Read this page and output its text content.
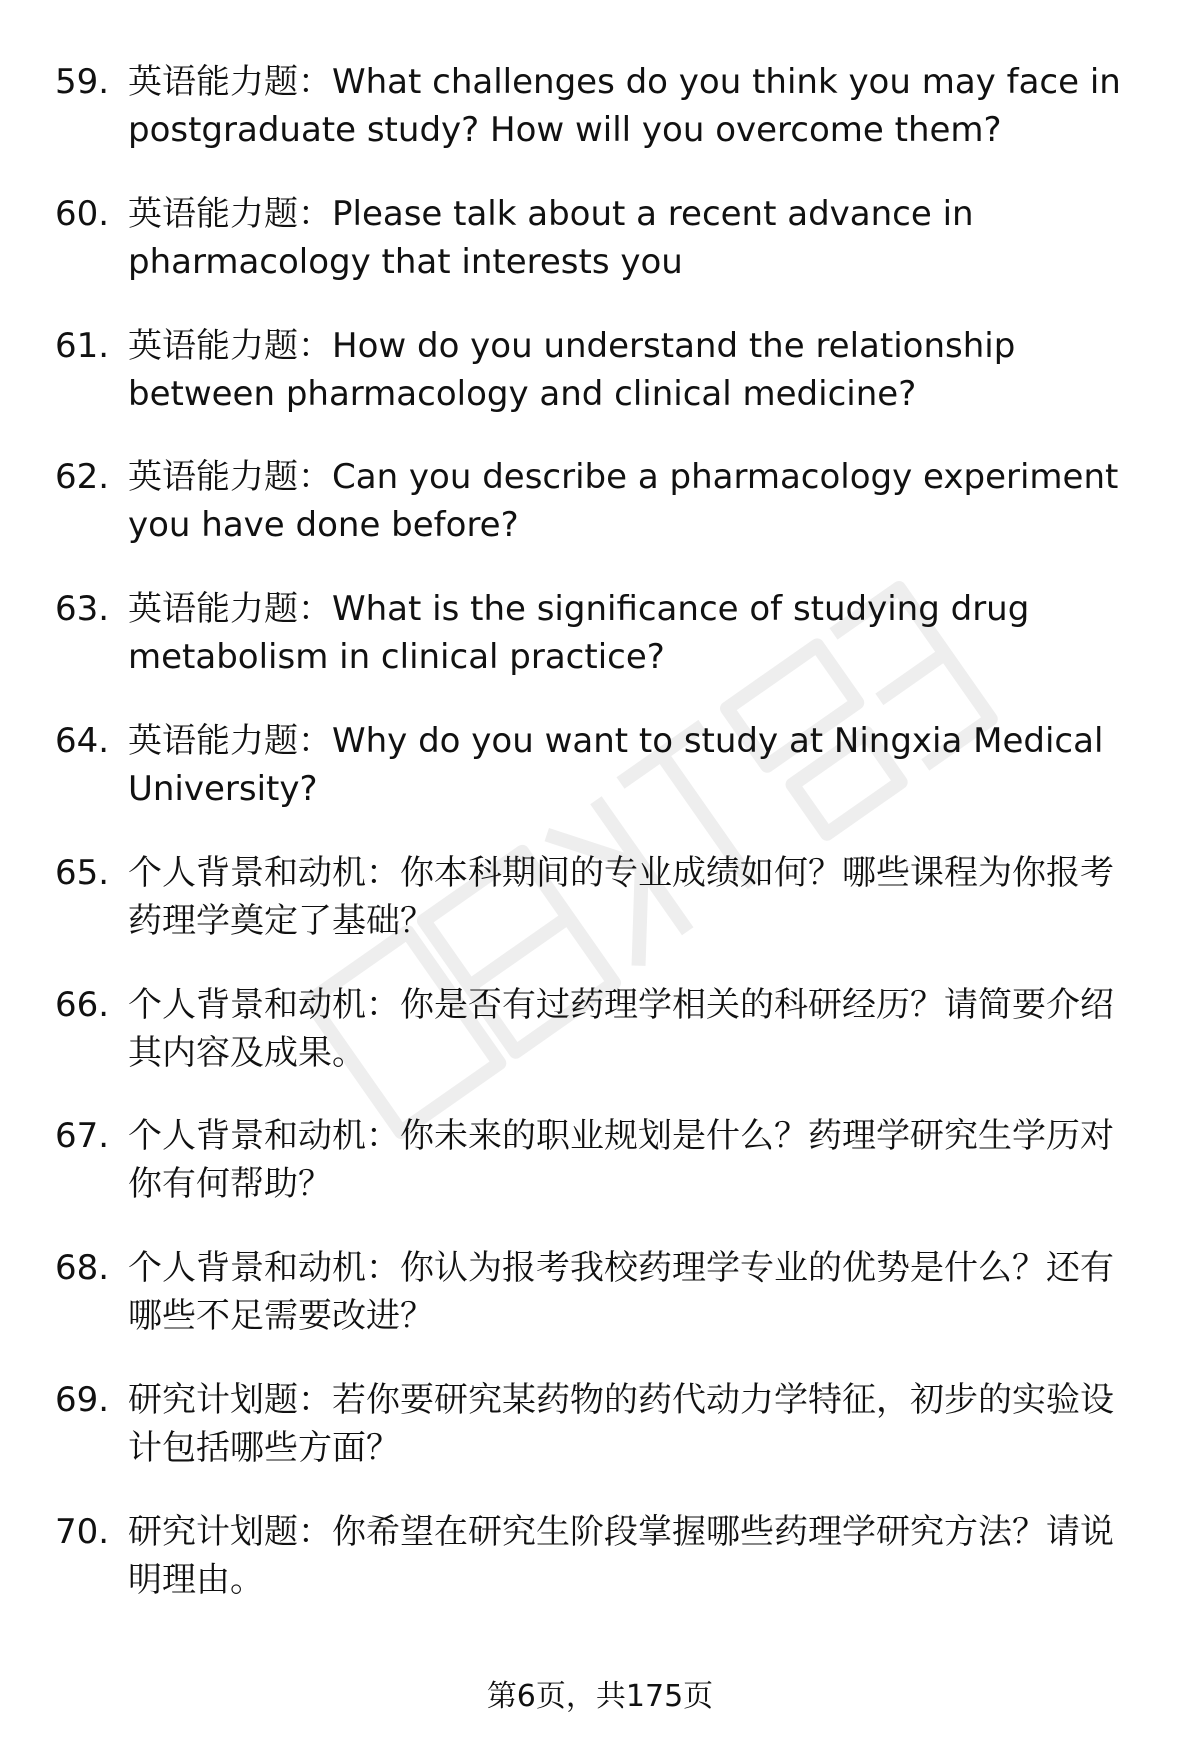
59. 英语能力题：What challenges do you think you may face in postgraduate study? How will you overcome them?
60. 英语能力题：Please talk about a recent advance in pharmacology that interests you
61. 英语能力题：How do you understand the relationship between pharmacology and clinical medicine?
62. 英语能力题：Can you describe a pharmacology experiment you have done before?
63. 英语能力题：What is the significance of studying drug metabolism in clinical practice?
64. 英语能力题：Why do you want to study at Ningxia Medical University?
65. 个人背景和动机：你本科期间的专业成绩如何？哪些课程为你报考药理学奠定了基础？
66. 个人背景和动机：你是否有过药理学相关的科研经历？请简要介绍其内容及成果。
67. 个人背景和动机：你未来的职业规划是什么？药理学研究生学历对你有何帮助？
68. 个人背景和动机：你认为报考我校药理学专业的优势是什么？还有哪些不足需要改进？
69. 研究计划题：若你要研究某药物的药代动力学特征，初步的实验设计包括哪些方面？
70. 研究计划题：你希望在研究生阶段掌握哪些药理学研究方法？请说明理由。
第6页，共175页
